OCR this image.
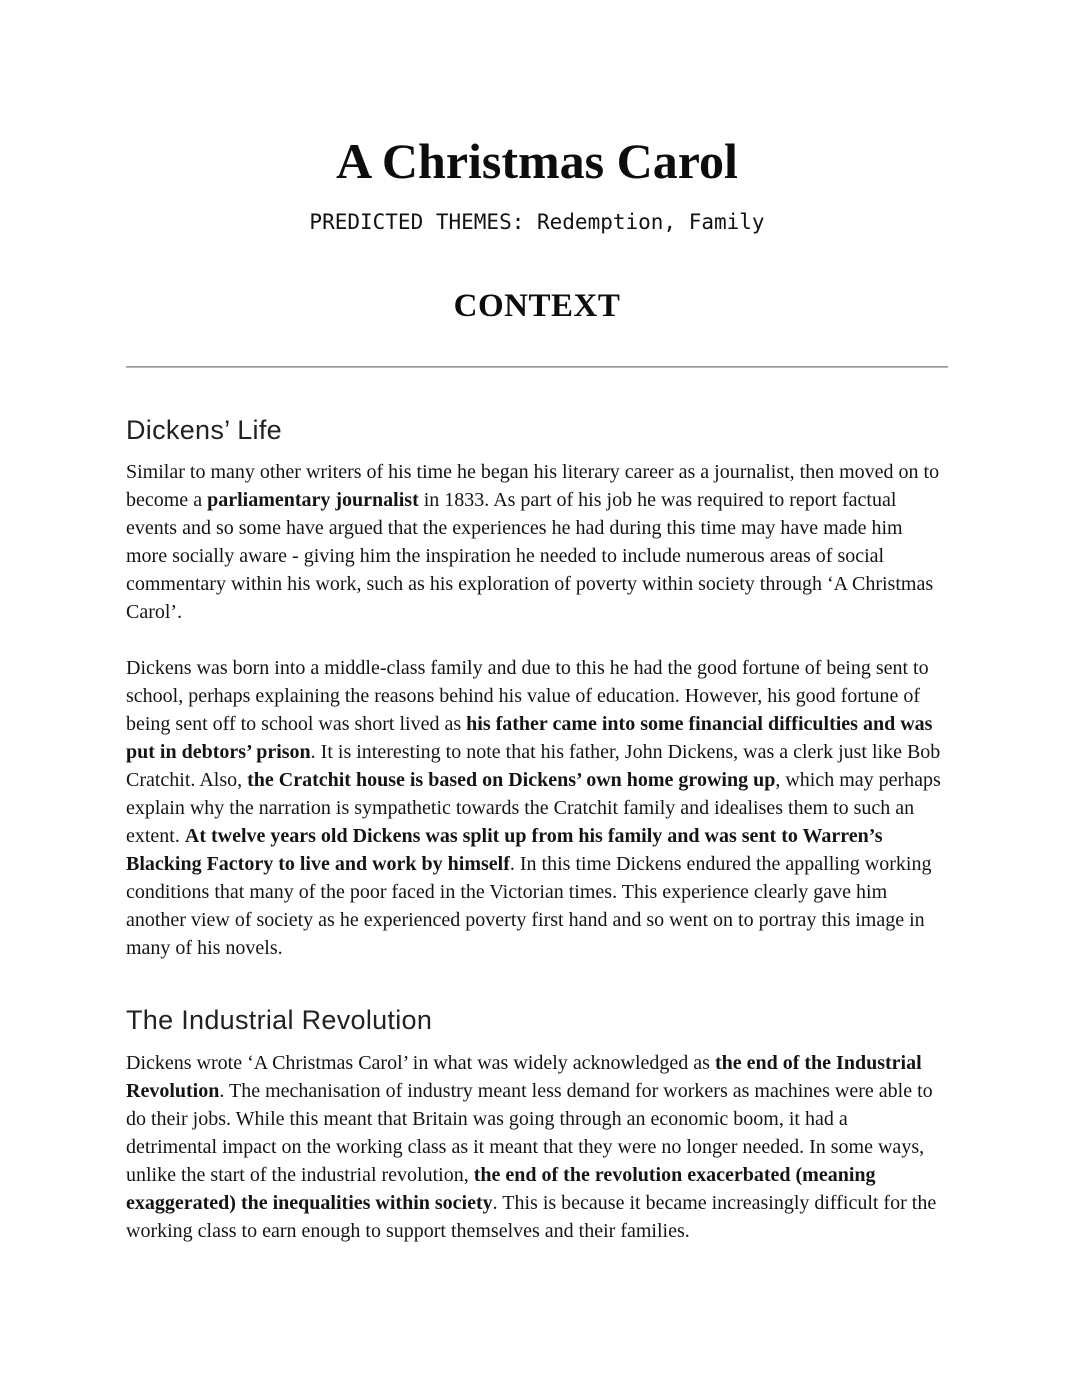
A Christmas Carol
PREDICTED THEMES: Redemption, Family
CONTEXT
Dickens’ Life

Similar to many other writers of his time he began his literary career as a journalist, then moved on to become a parliamentary journalist in 1833. As part of his job he was required to report factual events and so some have argued that the experiences he had during this time may have made him more socially aware - giving him the inspiration he needed to include numerous areas of social commentary within his work, such as his exploration of poverty within society through ‘A Christmas Carol’.

Dickens was born into a middle-class family and due to this he had the good fortune of being sent to school, perhaps explaining the reasons behind his value of education. However, his good fortune of being sent off to school was short lived as his father came into some financial difficulties and was put in debtors’ prison. It is interesting to note that his father, John Dickens, was a clerk just like Bob Cratchit. Also, the Cratchit house is based on Dickens’ own home growing up, which may perhaps explain why the narration is sympathetic towards the Cratchit family and idealises them to such an extent. At twelve years old Dickens was split up from his family and was sent to Warren’s Blacking Factory to live and work by himself. In this time Dickens endured the appalling working conditions that many of the poor faced in the Victorian times. This experience clearly gave him another view of society as he experienced poverty first hand and so went on to portray this image in many of his novels.

The Industrial Revolution

Dickens wrote ‘A Christmas Carol’ in what was widely acknowledged as the end of the Industrial Revolution. The mechanisation of industry meant less demand for workers as machines were able to do their jobs. While this meant that Britain was going through an economic boom, it had a detrimental impact on the working class as it meant that they were no longer needed. In some ways, unlike the start of the industrial revolution, the end of the revolution exacerbated (meaning exaggerated) the inequalities within society. This is because it became increasingly difficult for the working class to earn enough to support themselves and their families.
